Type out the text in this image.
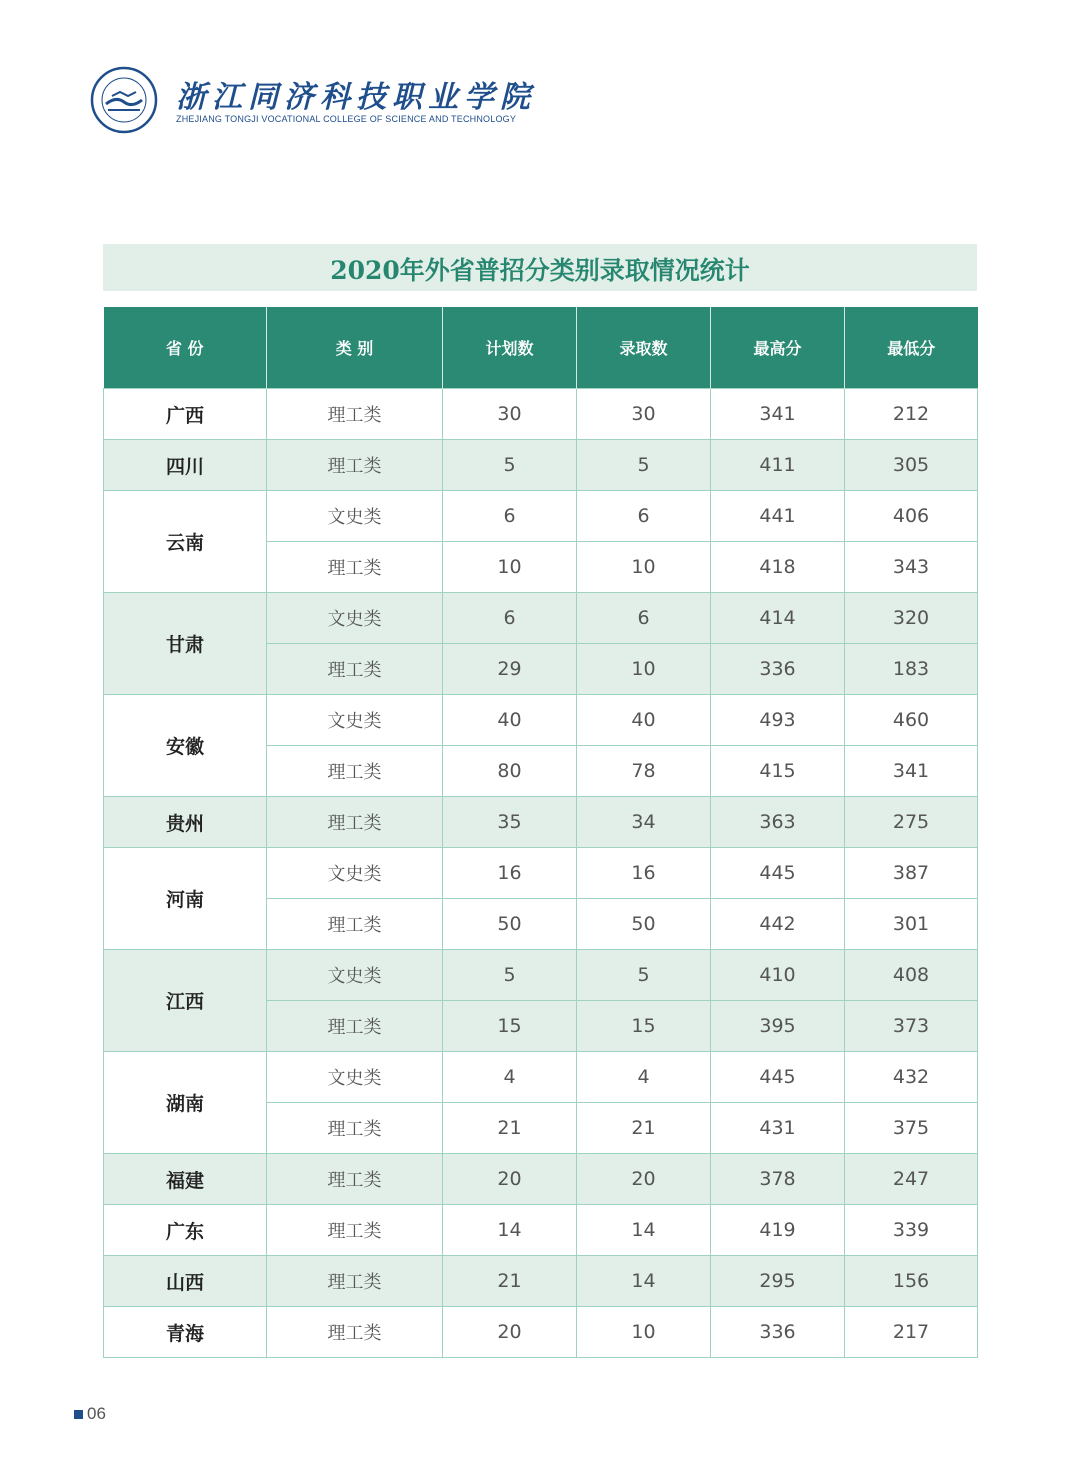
浙江同济科技职业学院
ZHEJIANG TONGJI VOCATIONAL COLLEGE OF SCIENCE AND TECHNOLOGY
2020年外省普招分类别录取情况统计
省 份	类 别	计划数	录取数	最高分	最低分
广西	理工类	30	30	341	212
四川	理工类	5	5	411	305
云南	文史类	6	6	441	406
	理工类	10	10	418	343
甘肃	文史类	6	6	414	320
	理工类	29	10	336	183
安徽	文史类	40	40	493	460
	理工类	80	78	415	341
贵州	理工类	35	34	363	275
河南	文史类	16	16	445	387
	理工类	50	50	442	301
江西	文史类	5	5	410	408
	理工类	15	15	395	373
湖南	文史类	4	4	445	432
	理工类	21	21	431	375
福建	理工类	20	20	378	247
广东	理工类	14	14	419	339
山西	理工类	21	14	295	156
青海	理工类	20	10	336	217
06
